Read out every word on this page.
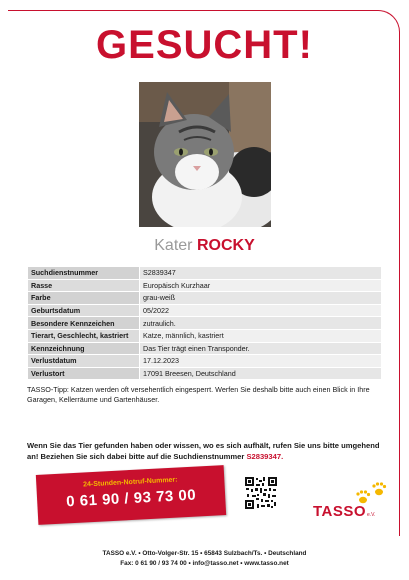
GESUCHT!
Kater ROCKY
Suchdienstnummer	S2839347
Rasse	Europäisch Kurzhaar
Farbe	grau-weiß
Geburtsdatum	05/2022
Besondere Kennzeichen	zutraulich.
Tierart, Geschlecht, kastriert	Katze, männlich, kastriert
Kennzeichnung	Das Tier trägt einen Transponder.
Verlustdatum	17.12.2023
Verlustort	17091 Breesen, Deutschland
TASSO-Tipp: Katzen werden oft versehentlich eingesperrt. Werfen Sie deshalb bitte auch einen Blick in Ihre Garagen, Kellerräume und Gartenhäuser.
Wenn Sie das Tier gefunden haben oder wissen, wo es sich aufhält, rufen Sie uns bitte umgehend an! Beziehen Sie sich dabei bitte auf die Suchdienstnummer S2839347.
24-Stunden-Notruf-Nummer:
0 61 90 / 93 73 00
TASSO e.V.
TASSO e.V. • Otto-Volger-Str. 15 • 65843 Sulzbach/Ts. • Deutschland
Fax: 0 61 90 / 93 74 00 • info@tasso.net • www.tasso.net
